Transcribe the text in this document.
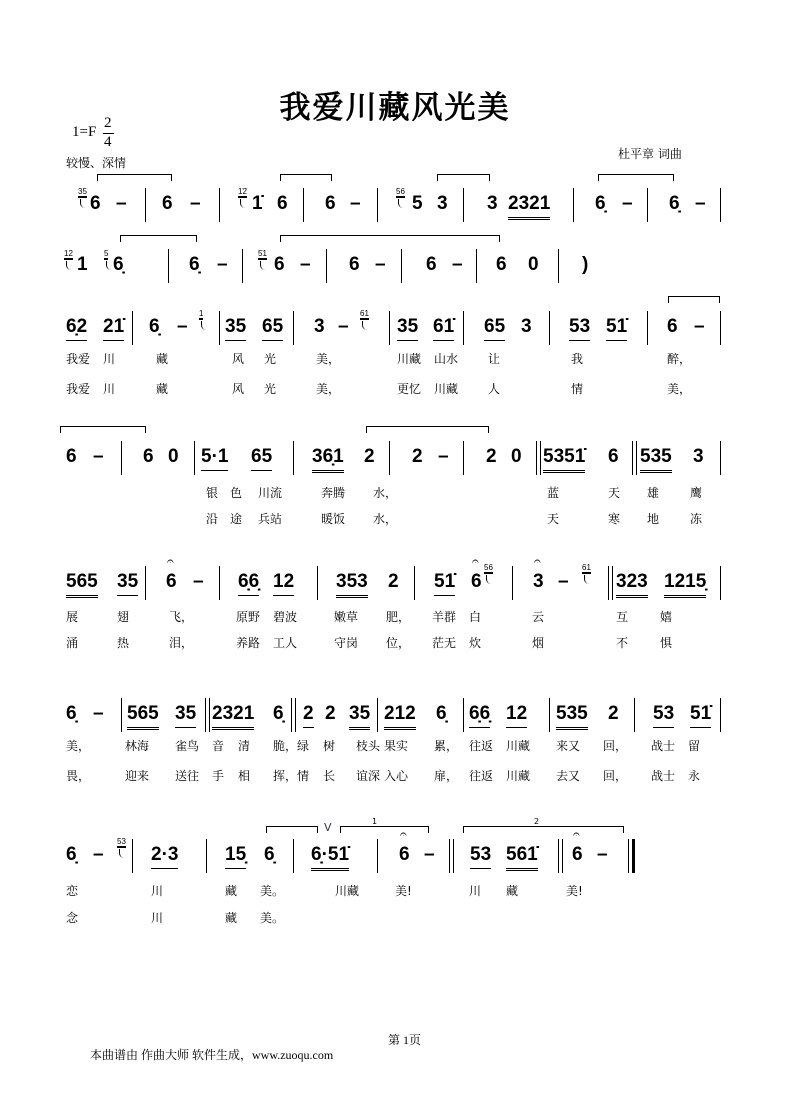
我爱川藏风光美
1=F
2
4
较慢、深情
杜平章 词曲
V	1	2
第 1页
本曲谱由 作曲大师 软件生成，www.zuoqu.com
6 – 6 –	1̇ 6 6 –	5 3 3 2321 6̣ – 6̣ –
35	1̇2̇	56
1 6̣	6̣ – 6 – 6 – 6 – 6 0 )
12	5	5̇1
6̣2 21̇ 6̣ – 35 65 3 –	35 61̇ 65 3 53 51̇ 6 –
1	61
我爱 川	藏	风 光	美，	川藏 山水 让	我	醉，
我爱 川	藏	风 光	美，	更忆 川藏 人	情	美，
6 – 6 0 5·1 65 36̣1 2 2 – 2 0 5351̇ 6 535 3
银 色 川流	奔腾 水，	蓝	天 雄	鹰
沿 途 兵站	暖饭 水，	天	寒 地	冻
565 35 6
𝄐
– 6̣6̣ 12 353 2 51̇ 6
𝄐
3
𝄐
– 323 1215̣
56	61
展	翅	飞，	原野 碧波	嫩草 肥， 羊群 白	云	互	嬉
涌	热	泪，	养路 工人	守岗 位， 茫无 炊	烟	不	惧
6̣ – 565 35 2321 6̣ 2 2 35 212 6̣ 6̣6̣ 12 535 2 53 51̇
美，	林海 雀鸟 音 清 脆，绿 树 枝头 果实 累， 往返 川藏 来又 回， 战士 留
畏，	迎来 送往 手 相 挥，情 长 谊深 入心 扉， 往返 川藏 去又 回， 战士 永
6̣ – 2·3 15̣ 6̣ 6̣·51̇	6
𝄐
– 53 561̇ 6
𝄐
–
53
恋	川	藏 美。	川藏	美!	川 藏	美!
念	川	藏 美。
